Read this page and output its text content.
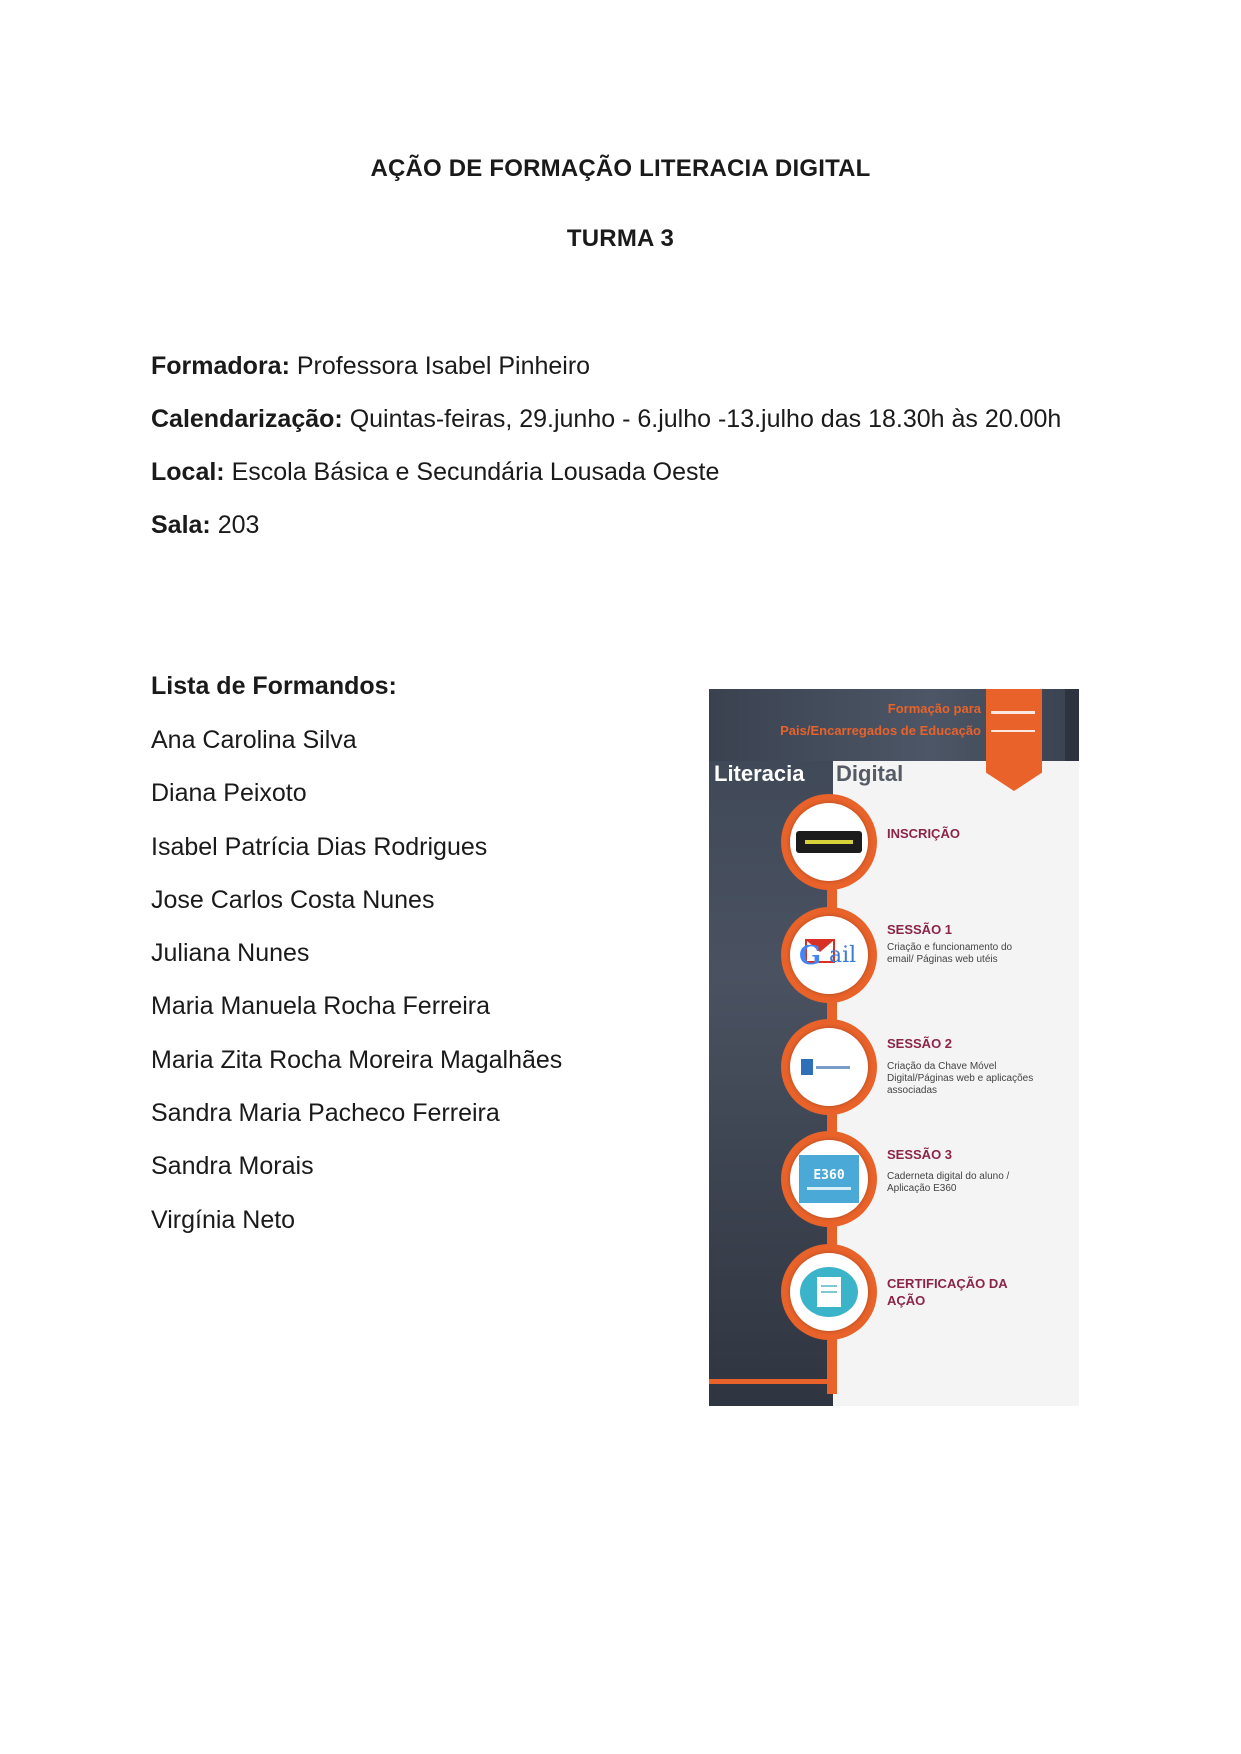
AÇÃO DE FORMAÇÃO LITERACIA DIGITAL
TURMA 3
Formadora: Professora Isabel Pinheiro
Calendarização: Quintas-feiras, 29.junho - 6.julho -13.julho das 18.30h às 20.00h
Local: Escola Básica e Secundária Lousada Oeste
Sala: 203
Lista de Formandos:
Ana Carolina Silva
Diana Peixoto
Isabel Patrícia Dias Rodrigues
Jose Carlos Costa Nunes
Juliana Nunes
Maria Manuela Rocha Ferreira
Maria Zita Rocha Moreira Magalhães
Sandra Maria Pacheco Ferreira
Sandra Morais
Virgínia Neto
Formação para
Pais/Encarregados de Educação
Literacia Digital
INSCRIÇÃO
G ail
SESSÃO 1
Criação e funcionamento do email/ Páginas web utéis
SESSÃO 2
Criação da Chave Móvel Digital/Páginas web e aplicações associadas
E360
SESSÃO 3
Caderneta digital do aluno / Aplicação E360
CERTIFICAÇÃO DA AÇÃO
